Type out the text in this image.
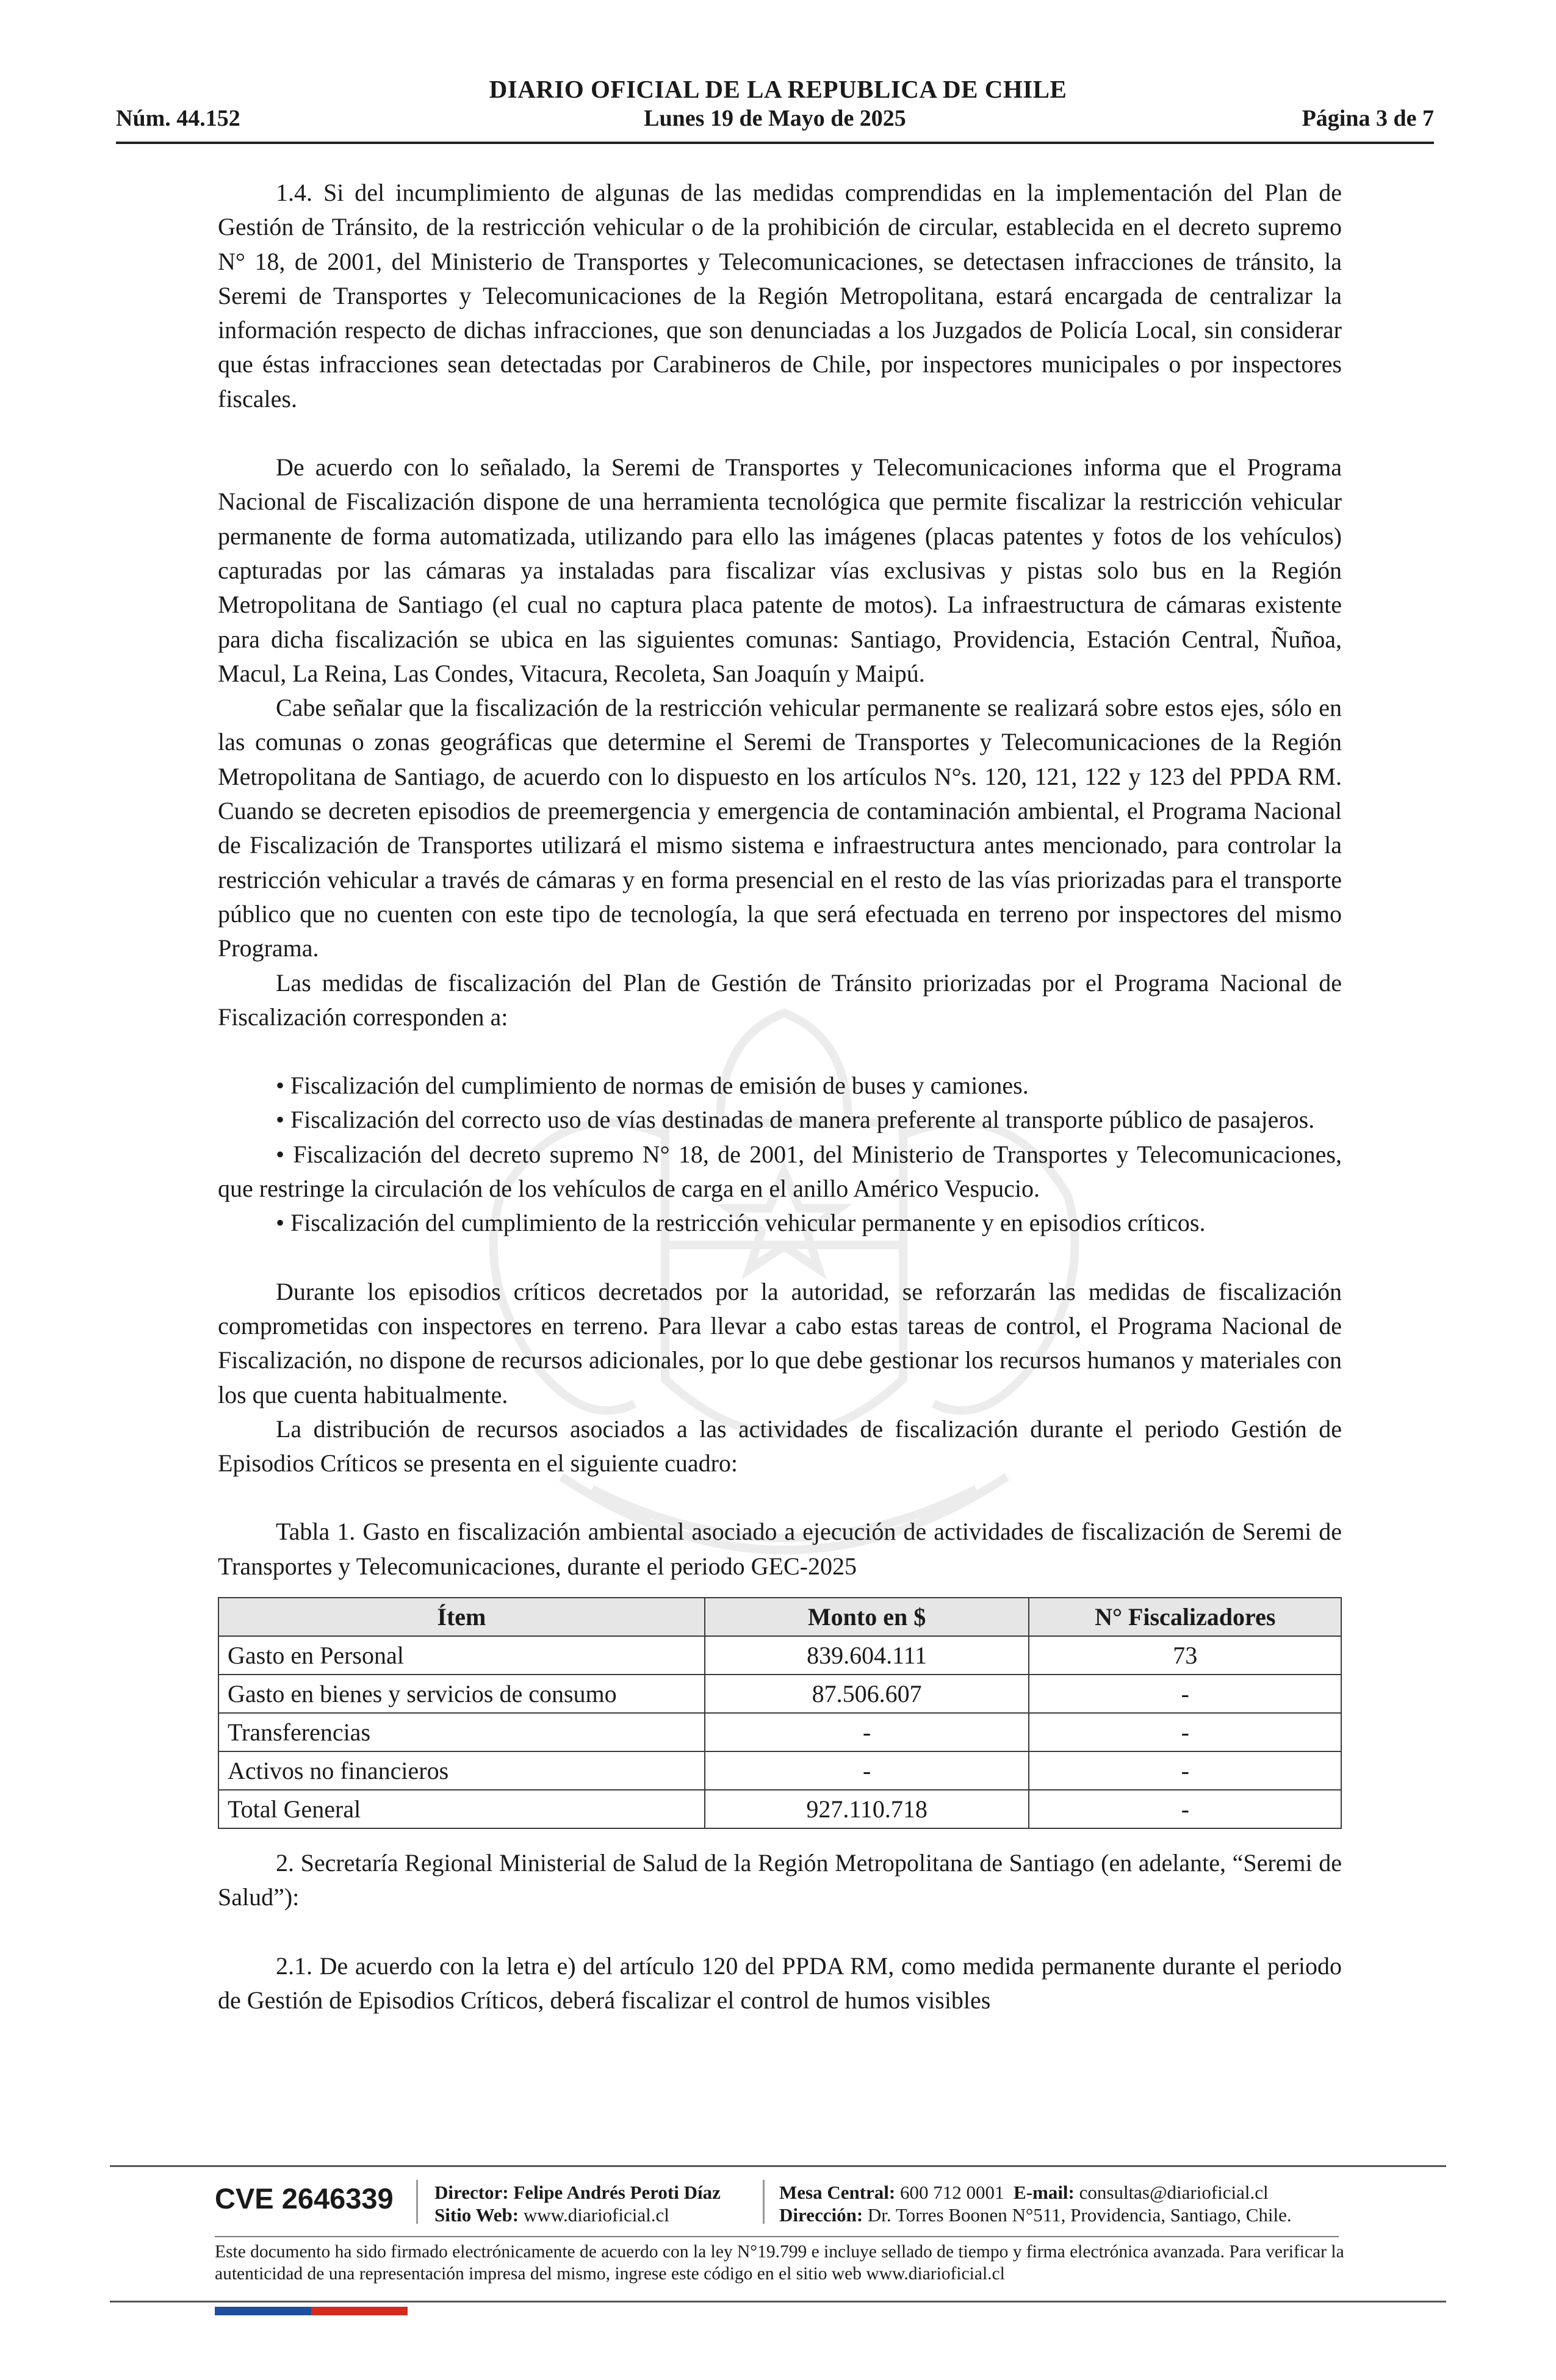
DIARIO OFICIAL DE LA REPUBLICA DE CHILE
Núm. 44.152	Lunes 19 de Mayo de 2025	Página 3 de 7

1.4. Si del incumplimiento de algunas de las medidas comprendidas en la implementación del Plan de Gestión de Tránsito, de la restricción vehicular o de la prohibición de circular, establecida en el decreto supremo N° 18, de 2001, del Ministerio de Transportes y Telecomunicaciones, se detectasen infracciones de tránsito, la Seremi de Transportes y Telecomunicaciones de la Región Metropolitana, estará encargada de centralizar la información respecto de dichas infracciones, que son denunciadas a los Juzgados de Policía Local, sin considerar que éstas infracciones sean detectadas por Carabineros de Chile, por inspectores municipales o por inspectores fiscales.

De acuerdo con lo señalado, la Seremi de Transportes y Telecomunicaciones informa que el Programa Nacional de Fiscalización dispone de una herramienta tecnológica que permite fiscalizar la restricción vehicular permanente de forma automatizada, utilizando para ello las imágenes (placas patentes y fotos de los vehículos) capturadas por las cámaras ya instaladas para fiscalizar vías exclusivas y pistas solo bus en la Región Metropolitana de Santiago (el cual no captura placa patente de motos). La infraestructura de cámaras existente para dicha fiscalización se ubica en las siguientes comunas: Santiago, Providencia, Estación Central, Ñuñoa, Macul, La Reina, Las Condes, Vitacura, Recoleta, San Joaquín y Maipú.

Cabe señalar que la fiscalización de la restricción vehicular permanente se realizará sobre estos ejes, sólo en las comunas o zonas geográficas que determine el Seremi de Transportes y Telecomunicaciones de la Región Metropolitana de Santiago, de acuerdo con lo dispuesto en los artículos N°s. 120, 121, 122 y 123 del PPDA RM. Cuando se decreten episodios de preemergencia y emergencia de contaminación ambiental, el Programa Nacional de Fiscalización de Transportes utilizará el mismo sistema e infraestructura antes mencionado, para controlar la restricción vehicular a través de cámaras y en forma presencial en el resto de las vías priorizadas para el transporte público que no cuenten con este tipo de tecnología, la que será efectuada en terreno por inspectores del mismo Programa.

Las medidas de fiscalización del Plan de Gestión de Tránsito priorizadas por el Programa Nacional de Fiscalización corresponden a:

• Fiscalización del cumplimiento de normas de emisión de buses y camiones.

• Fiscalización del correcto uso de vías destinadas de manera preferente al transporte público de pasajeros.

• Fiscalización del decreto supremo N° 18, de 2001, del Ministerio de Transportes y Telecomunicaciones, que restringe la circulación de los vehículos de carga en el anillo Américo Vespucio.

• Fiscalización del cumplimiento de la restricción vehicular permanente y en episodios críticos.

Durante los episodios críticos decretados por la autoridad, se reforzarán las medidas de fiscalización comprometidas con inspectores en terreno. Para llevar a cabo estas tareas de control, el Programa Nacional de Fiscalización, no dispone de recursos adicionales, por lo que debe gestionar los recursos humanos y materiales con los que cuenta habitualmente.

La distribución de recursos asociados a las actividades de fiscalización durante el periodo Gestión de Episodios Críticos se presenta en el siguiente cuadro:

Tabla 1. Gasto en fiscalización ambiental asociado a ejecución de actividades de fiscalización de Seremi de Transportes y Telecomunicaciones, durante el periodo GEC-2025

Ítem	Monto en $	N° Fiscalizadores
Gasto en Personal	839.604.111	73
Gasto en bienes y servicios de consumo	87.506.607	-
Transferencias	-	-
Activos no financieros	-	-
Total General	927.110.718	-

2. Secretaría Regional Ministerial de Salud de la Región Metropolitana de Santiago (en adelante, “Seremi de Salud”):

2.1. De acuerdo con la letra e) del artículo 120 del PPDA RM, como medida permanente durante el periodo de Gestión de Episodios Críticos, deberá fiscalizar el control de humos visibles

CVE 2646339 Director: Felipe Andrés Peroti Díaz
Sitio Web: www.diarioficial.cl
Mesa Central: 600 712 0001 E-mail: consultas@diarioficial.cl
Dirección: Dr. Torres Boonen N°511, Providencia, Santiago, Chile.
Este documento ha sido firmado electrónicamente de acuerdo con la ley N°19.799 e incluye sellado de tiempo y firma electrónica avanzada. Para verificar la autenticidad de una representación impresa del mismo, ingrese este código en el sitio web www.diarioficial.cl
